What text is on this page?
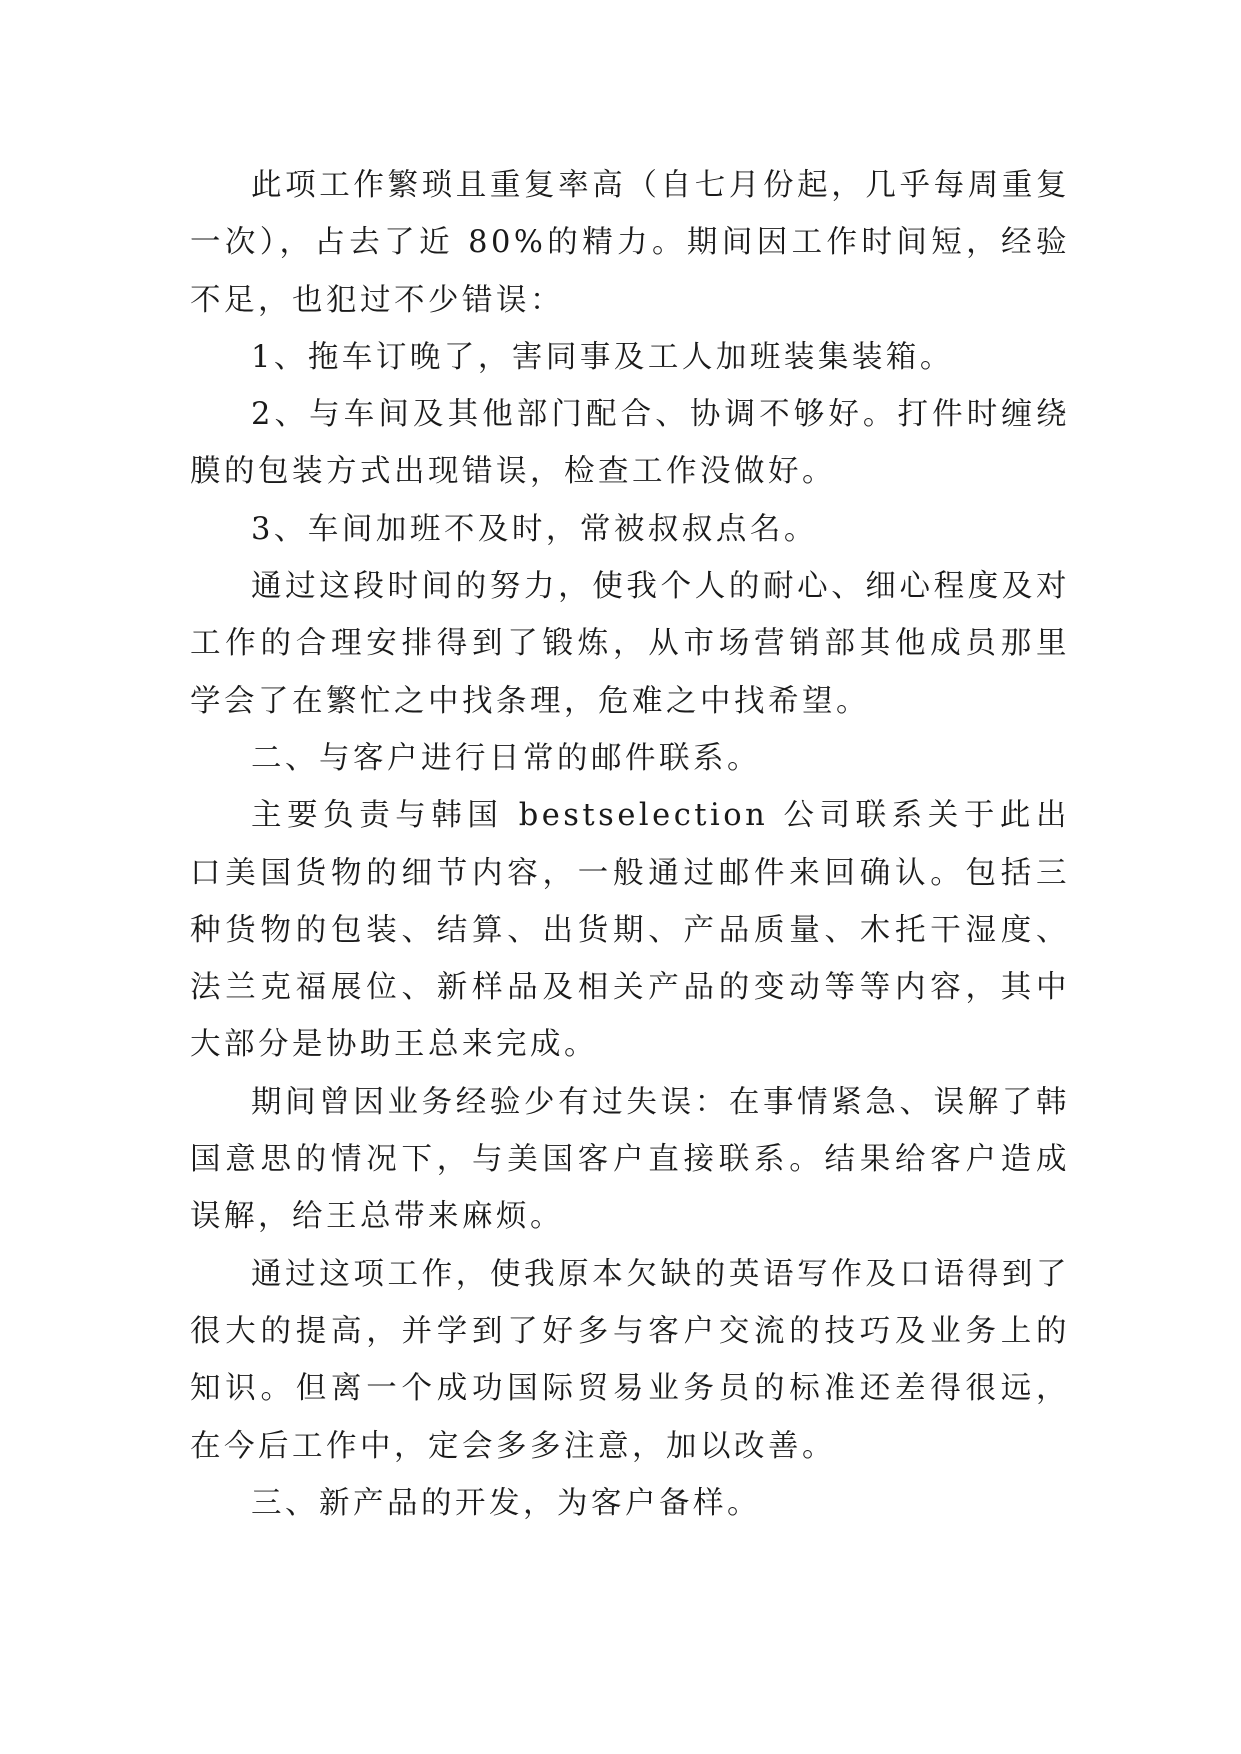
此项工作繁琐且重复率高（自七月份起，几乎每周重复一次），占去了近 80%的精力。期间因工作时间短，经验不足，也犯过不少错误：

1、拖车订晚了，害同事及工人加班装集装箱。

2、与车间及其他部门配合、协调不够好。打件时缠绕膜的包装方式出现错误，检查工作没做好。

3、车间加班不及时，常被叔叔点名。

通过这段时间的努力，使我个人的耐心、细心程度及对工作的合理安排得到了锻炼，从市场营销部其他成员那里学会了在繁忙之中找条理，危难之中找希望。

二、与客户进行日常的邮件联系。

主要负责与韩国 bestselection 公司联系关于此出口美国货物的细节内容，一般通过邮件来回确认。包括三种货物的包装、结算、出货期、产品质量、木托干湿度、法兰克福展位、新样品及相关产品的变动等等内容，其中大部分是协助王总来完成。

期间曾因业务经验少有过失误：在事情紧急、误解了韩国意思的情况下，与美国客户直接联系。结果给客户造成误解，给王总带来麻烦。

通过这项工作，使我原本欠缺的英语写作及口语得到了很大的提高，并学到了好多与客户交流的技巧及业务上的知识。但离一个成功国际贸易业务员的标准还差得很远，在今后工作中，定会多多注意，加以改善。

三、新产品的开发，为客户备样。
